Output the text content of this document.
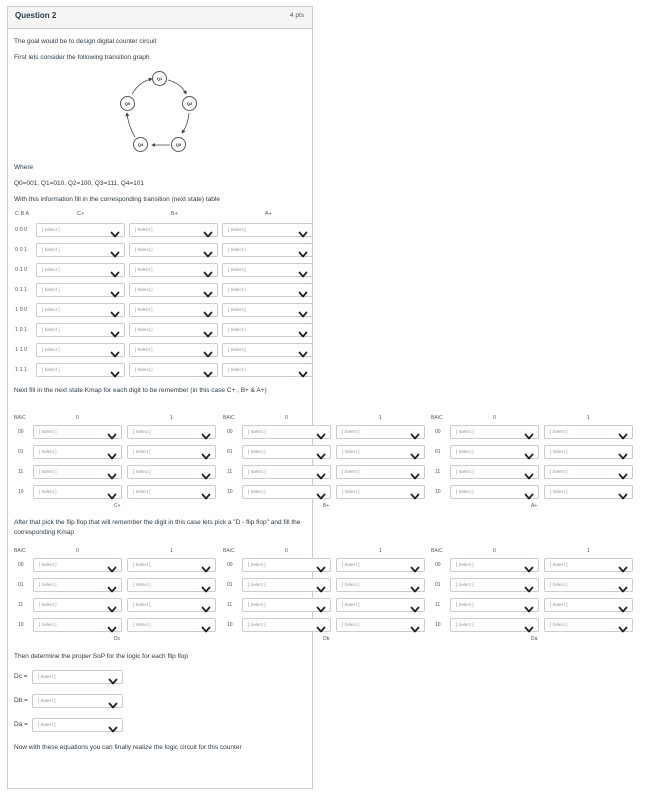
Question 2	4 pts
The goal would be to design digital counter circuit
First lets consider the following transition graph
Q1
Q0	Q2
Q4	Q3
Where
Q0=001, Q1=010, Q2=100, Q3=111, Q4=101
With this information fill in the corresponding transition (next state) table
C B A	C+	B+	A+
0 0 0	[ Select ]	[ Select ]	[ Select ]
0 0 1	[ Select ]	[ Select ]	[ Select ]
0 1 0	[ Select ]	[ Select ]	[ Select ]
0 1 1	[ Select ]	[ Select ]	[ Select ]
1 0 0	[ Select ]	[ Select ]	[ Select ]
1 0 1	[ Select ]	[ Select ]	[ Select ]
1 1 0	[ Select ]	[ Select ]	[ Select ]
1 1 1	[ Select ]	[ Select ]	[ Select ]
Next fill in the next state Kmap for each digit to be remember (in this case C+ , B+ & A+)
BA\C	0	1
00	[ Select ]	[ Select ]
01	[ Select ]	[ Select ]
11	[ Select ]	[ Select ]
10	[ Select ]	[ Select ]
C+
BA\C	0	1
00	[ Select ]	[ Select ]
01	[ Select ]	[ Select ]
11	[ Select ]	[ Select ]
10	[ Select ]	[ Select ]
B+
BA\C	0	1
00	[ Select ]	[ Select ]
01	[ Select ]	[ Select ]
11	[ Select ]	[ Select ]
10	[ Select ]	[ Select ]
A+
After that pick the flip flop that will remember the digit in this case lets pick a "D - flip flop" and fill the corresponding Kmap
BA\C	0	1
00	[ Select ]	[ Select ]
01	[ Select ]	[ Select ]
11	[ Select ]	[ Select ]
10	[ Select ]	[ Select ]
Dc
BA\C	0	1
00	[ Select ]	[ Select ]
01	[ Select ]	[ Select ]
11	[ Select ]	[ Select ]
10	[ Select ]	[ Select ]
Db
BA\C	0	1
00	[ Select ]	[ Select ]
01	[ Select ]	[ Select ]
11	[ Select ]	[ Select ]
10	[ Select ]	[ Select ]
Da
Then determine the proper SoP for the logic for each flip flop
Dc = [ Select ]
Db = [ Select ]
Da = [ Select ]
Now with these equations you can finally realize the logic circuit for this counter
